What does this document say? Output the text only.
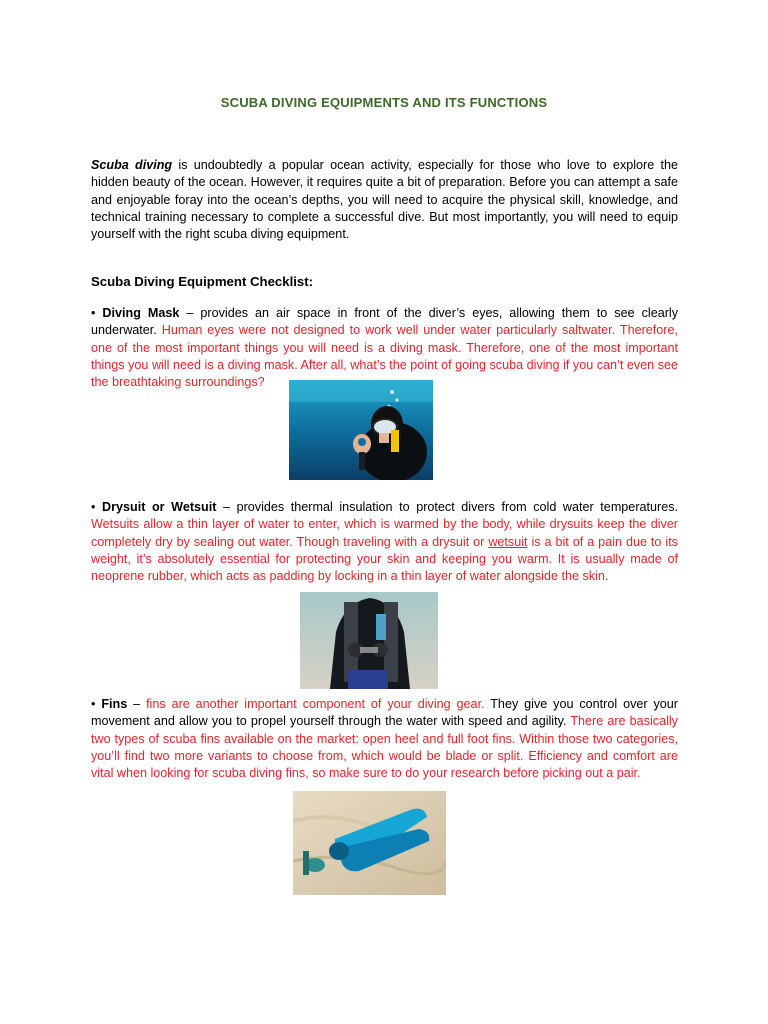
SCUBA DIVING EQUIPMENTS AND ITS FUNCTIONS
Scuba diving is undoubtedly a popular ocean activity, especially for those who love to explore the hidden beauty of the ocean. However, it requires quite a bit of preparation. Before you can attempt a safe and enjoyable foray into the ocean’s depths, you will need to acquire the physical skill, knowledge, and technical training necessary to complete a successful dive. But most importantly, you will need to equip yourself with the right scuba diving equipment.
Scuba Diving Equipment Checklist:
• Diving Mask – provides an air space in front of the diver’s eyes, allowing them to see clearly underwater. Human eyes were not designed to work well under water particularly saltwater. Therefore, one of the most important things you will need is a diving mask. Therefore, one of the most important things you will need is a diving mask. After all, what’s the point of going scuba diving if you can’t even see the breathtaking surroundings?
• Drysuit or Wetsuit – provides thermal insulation to protect divers from cold water temperatures. Wetsuits allow a thin layer of water to enter, which is warmed by the body, while drysuits keep the diver completely dry by sealing out water. Though traveling with a drysuit or wetsuit is a bit of a pain due to its weight, it’s absolutely essential for protecting your skin and keeping you warm. It is usually made of neoprene rubber, which acts as padding by locking in a thin layer of water alongside the skin.
• Fins – fins are another important component of your diving gear. They give you control over your movement and allow you to propel yourself through the water with speed and agility. There are basically two types of scuba fins available on the market: open heel and full foot fins. Within those two categories, you’ll find two more variants to choose from, which would be blade or split. Efficiency and comfort are vital when looking for scuba diving fins, so make sure to do your research before picking out a pair.
